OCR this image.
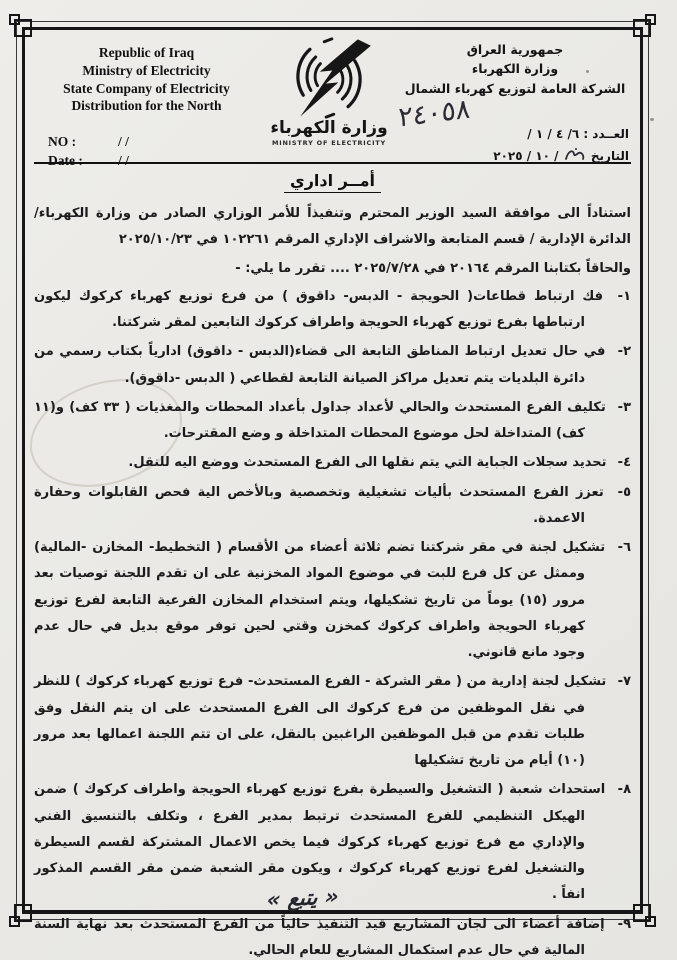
٢٤٠٥٨
Republic of Iraq
Ministry of Electricity
State Company of Electricity
Distribution for the North
NO :	/ /
Date :	/ /
وزارة الكهرباء
MINISTRY OF ELECTRICITY
جمهورية العراق
وزارة الكهرباء
الشركة العامة لتوزيع كهرباء الشمال
العــدد : ٦/ ٤ / ١ /
التاريخ  / ١٠ / ٢٠٢٥
أمــر اداري

استناداً الى موافقة السيد الوزير المحترم وتنفيذاً للأمر الوزاري الصادر من وزارة الكهرباء/ الدائرة الإدارية / قسم المتابعة والاشراف الإداري المرقم ١٠٢٢٦١ في ٢٠٢٥/١٠/٢٣

والحاقاً بكتابنا المرقم ٢٠١٦٤ في ٢٠٢٥/٧/٢٨ .... تقرر ما يلي: -

١- فك ارتباط قطاعات( الحويجة - الدبس- داقوق ) من فرع توزيع كهرباء كركوك ليكون ارتباطها بفرع توزيع كهرباء الحويجة واطراف كركوك التابعين لمقر شركتنا.
٢- في حال تعديل ارتباط المناطق التابعة الى قضاء(الدبس - داقوق) ادارياً بكتاب رسمي من دائرة البلديات يتم تعديل مراكز الصيانة التابعة لقطاعي ( الدبس -داقوق).
٣- تكليف الفرع المستحدث والحالي لأعداد جداول بأعداد المحطات والمغذيات ( ٣٣ كف) و(١١ كف) المتداخلة لحل موضوع المحطات المتداخلة و وضع المقترحات.
٤- تحديد سجلات الجباية التي يتم نقلها الى الفرع المستحدث ووضع اليه للنقل.
٥- تعزز الفرع المستحدث بأليات تشغيلية وتخصصية وبالأخص الية فحص القابلوات وحفارة الاعمدة.
٦- تشكيل لجنة في مقر شركتنا تضم ثلاثة أعضاء من الأقسام ( التخطيط- المخازن -المالية) وممثل عن كل فرع للبت في موضوع المواد المخزنية على ان تقدم اللجنة توصيات بعد مرور (١٥) يوماً من تاريخ تشكيلها، ويتم استخدام المخازن الفرعية التابعة لفرع توزيع كهرباء الحويجة واطراف كركوك كمخزن وقتي لحين توفر موقع بديل في حال عدم وجود مانع قانوني.
٧- تشكيل لجنة إدارية من ( مقر الشركة - الفرع المستحدث- فرع توزيع كهرباء كركوك ) للنظر في نقل الموظفين من فرع كركوك الى الفرع المستحدث على ان يتم النقل وفق طلبات تقدم من قبل الموظفين الراغبين بالنقل، على ان تتم اللجنة اعمالها بعد مرور (١٠) أيام من تاريخ تشكيلها
٨- استحداث شعبة ( التشغيل والسيطرة بفرع توزيع كهرباء الحويجة واطراف كركوك ) ضمن الهيكل التنظيمي للفرع المستحدث ترتبط بمدير الفرع ، وتكلف بالتنسيق الفني والإداري مع فرع توزيع كهرباء كركوك فيما يخص الاعمال المشتركة لقسم السيطرة والتشغيل لفرع توزيع كهرباء كركوك ، ويكون مقر الشعبة ضمن مقر القسم المذكور انفاً .
٩- إضافة أعضاء الى لجان المشاريع قيد التنفيذ حالياً من الفرع المستحدث بعد نهاية السنة المالية في حال عدم استكمال المشاريع للعام الحالي.
« يتبع »
